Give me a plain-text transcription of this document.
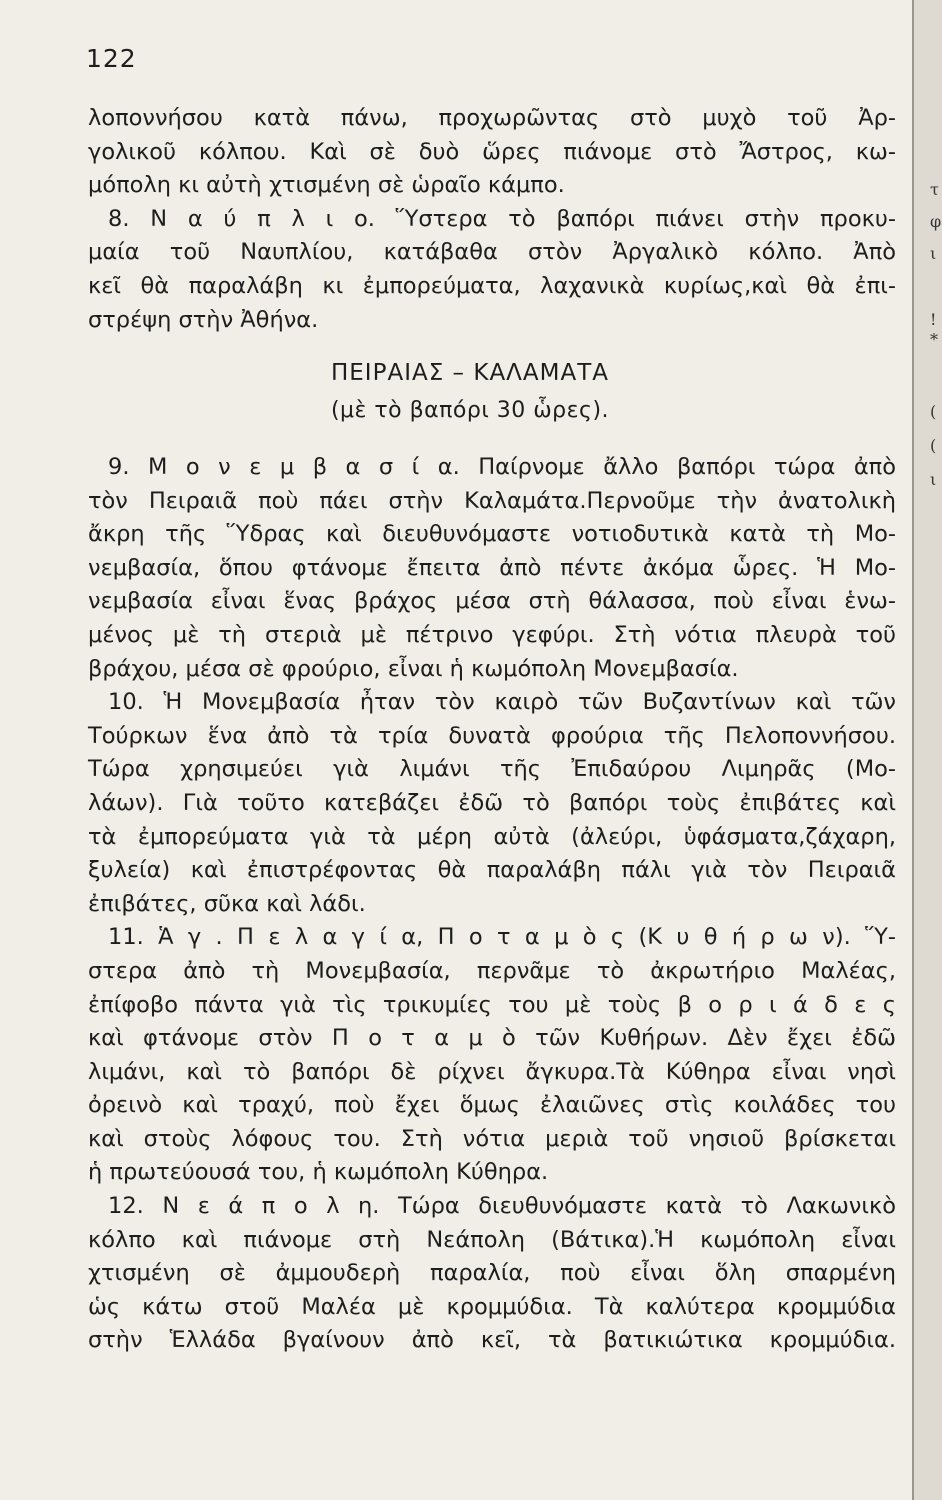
122
λοποννήσου κατὰ πάνω, προχωρῶντας στὸ μυχὸ τοῦ Ἀρ-
γολικοῦ κόλπου. Καὶ σὲ δυὸ ὥρες πιάνομε στὸ Ἄστρος, κω-
μόπολη κι αὐτὴ χτισμένη σὲ ὡραῖο κάμπο.
8. Ν α ύ π λ ι ο. Ὕστερα τὸ βαπόρι πιάνει στὴν προκυ-
μαία τοῦ Ναυπλίου, κατάβαθα στὸν Ἀργαλικὸ κόλπο. Ἀπὸ
κεῖ θὰ παραλάβη κι ἐμπορεύματα, λαχανικὰ κυρίως,καὶ θὰ ἐπι-
στρέψη στὴν Ἀθήνα.
ΠΕΙΡΑΙΑΣ – ΚΑΛΑΜΑΤΑ
(μὲ τὸ βαπόρι 30 ὧρες).
9. Μ ο ν ε μ β α σ ί α. Παίρνομε ἄλλο βαπόρι τώρα ἀπὸ
τὸν Πειραιᾶ ποὺ πάει στὴν Καλαμάτα.Περνοῦμε τὴν ἀνατολικὴ
ἄκρη τῆς Ὕδρας καὶ διευθυνόμαστε νοτιοδυτικὰ κατὰ τὴ Μο-
νεμβασία, ὅπου φτάνομε ἔπειτα ἀπὸ πέντε ἀκόμα ὧρες. Ἡ Μο-
νεμβασία εἶναι ἕνας βράχος μέσα στὴ θάλασσα, ποὺ εἶναι ἑνω-
μένος μὲ τὴ στεριὰ μὲ πέτρινο γεφύρι. Στὴ νότια πλευρὰ τοῦ
βράχου, μέσα σὲ φρούριο, εἶναι ἡ κωμόπολη Μονεμβασία.
10. Ἡ Μονεμβασία ἦταν τὸν καιρὸ τῶν Βυζαντίνων καὶ τῶν
Τούρκων ἕνα ἀπὸ τὰ τρία δυνατὰ φρούρια τῆς Πελοποννήσου.
Τώρα χρησιμεύει γιὰ λιμάνι τῆς Ἐπιδαύρου Λιμηρᾶς (Μο-
λάων). Γιὰ τοῦτο κατεβάζει ἐδῶ τὸ βαπόρι τοὺς ἐπιβάτες καὶ
τὰ ἐμπορεύματα γιὰ τὰ μέρη αὐτὰ (ἀλεύρι, ὑφάσματα,ζάχαρη,
ξυλεία) καὶ ἐπιστρέφοντας θὰ παραλάβη πάλι γιὰ τὸν Πειραιᾶ
ἐπιβάτες, σῦκα καὶ λάδι.
11. Ἁ γ . Π ε λ α γ ί α, Π ο τ α μ ὸ ς (Κ υ θ ή ρ ω ν). Ὕ-
στερα ἀπὸ τὴ Μονεμβασία, περνᾶμε τὸ ἀκρωτήριο Μαλέας,
ἐπίφοβο πάντα γιὰ τὶς τρικυμίες του μὲ τοὺς β ο ρ ι ά δ ε ς
καὶ φτάνομε στὸν Π ο τ α μ ὸ τῶν Κυθήρων. Δὲν ἔχει ἐδῶ
λιμάνι, καὶ τὸ βαπόρι δὲ ρίχνει ἄγκυρα.Τὰ Κύθηρα εἶναι νησὶ
ὀρεινὸ καὶ τραχύ, ποὺ ἔχει ὅμως ἐλαιῶνες στὶς κοιλάδες του
καὶ στοὺς λόφους του. Στὴ νότια μεριὰ τοῦ νησιοῦ βρίσκεται
ἡ πρωτεύουσά του, ἡ κωμόπολη Κύθηρα.
12. Ν ε ά π ο λ η. Τώρα διευθυνόμαστε κατὰ τὸ Λακωνικὸ
κόλπο καὶ πιάνομε στὴ Νεάπολη (Βάτικα).Ἡ κωμόπολη εἶναι
χτισμένη σὲ ἀμμουδερὴ παραλία, ποὺ εἶναι ὅλη σπαρμένη
ὡς κάτω στοῦ Μαλέα μὲ κρομμύδια. Τὰ καλύτερα κρομμύδια
στὴν Ἑλλάδα βγαίνουν ἀπὸ κεῖ, τὰ βατικιώτικα κρομμύδια.
τ
φ
ι
!
*
(
(
ι
